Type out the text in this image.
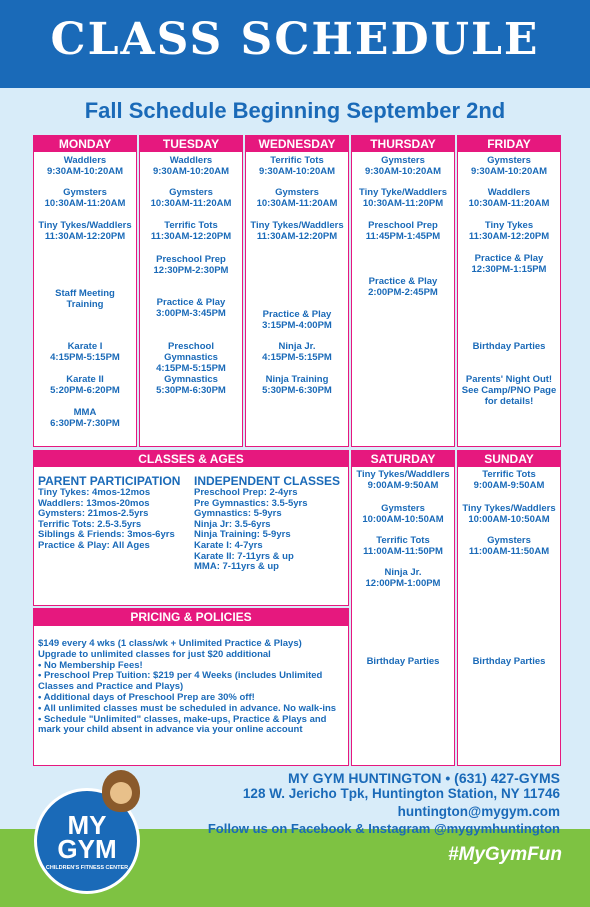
CLASS SCHEDULE
Fall Schedule Beginning September 2nd
MONDAY
Waddlers
9:30AM-10:20AM
Gymsters
10:30AM-11:20AM
Tiny Tykes/Waddlers
11:30AM-12:20PM
Staff Meeting
Training
Karate I
4:15PM-5:15PM
Karate II
5:20PM-6:20PM
MMA
6:30PM-7:30PM
TUESDAY
Waddlers
9:30AM-10:20AM
Gymsters
10:30AM-11:20AM
Terrific Tots
11:30AM-12:20PM
Preschool Prep
12:30PM-2:30PM
Practice & Play
3:00PM-3:45PM
Preschool Gymnastics
4:15PM-5:15PM
Gymnastics
5:30PM-6:30PM
WEDNESDAY
Terrific Tots
9:30AM-10:20AM
Gymsters
10:30AM-11:20AM
Tiny Tykes/Waddlers
11:30AM-12:20PM
Practice & Play
3:15PM-4:00PM
Ninja Jr.
4:15PM-5:15PM
Ninja Training
5:30PM-6:30PM
THURSDAY
Gymsters
9:30AM-10:20AM
Tiny Tyke/Waddlers
10:30AM-11:20PM
Preschool Prep
11:45PM-1:45PM
Practice & Play
2:00PM-2:45PM
FRIDAY
Gymsters
9:30AM-10:20AM
Waddlers
10:30AM-11:20AM
Tiny Tykes
11:30AM-12:20PM
Practice & Play
12:30PM-1:15PM
Birthday Parties
Parents' Night Out!
See Camp/PNO Page
for details!
SATURDAY
Tiny Tykes/Waddlers
9:00AM-9:50AM
Gymsters
10:00AM-10:50AM
Terrific Tots
11:00AM-11:50PM
Ninja Jr.
12:00PM-1:00PM
Birthday Parties
SUNDAY
Terrific Tots
9:00AM-9:50AM
Tiny Tykes/Waddlers
10:00AM-10:50AM
Gymsters
11:00AM-11:50AM
Birthday Parties
CLASSES & AGES
PARENT PARTICIPATION
Tiny Tykes: 4mos-12mos
Waddlers: 13mos-20mos
Gymsters: 21mos-2.5yrs
Terrific Tots: 2.5-3.5yrs
Siblings & Friends: 3mos-6yrs
Practice & Play: All Ages
INDEPENDENT CLASSES
Preschool Prep: 2-4yrs
Pre Gymnastics: 3.5-5yrs
Gymnastics: 5-9yrs
Ninja Jr: 3.5-6yrs
Ninja Training: 5-9yrs
Karate I: 4-7yrs
Karate II: 7-11yrs & up
MMA: 7-11yrs & up
PRICING & POLICIES
$149 every 4 wks (1 class/wk + Unlimited Practice & Plays)
Upgrade to unlimited classes for just $20 additional
• No Membership Fees!
• Preschool Prep Tuition: $219 per 4 Weeks (includes Unlimited
Classes and Practice and Plays)
• Additional days of Preschool Prep are 30% off!
• All unlimited classes must be scheduled in advance. No walk-ins
• Schedule "Unlimited" classes, make-ups, Practice & Plays and
mark your child absent in advance via your online account
MY GYM HUNTINGTON • (631) 427-GYMS
128 W. Jericho Tpk, Huntington Station, NY 11746
huntington@mygym.com
Follow us on Facebook & Instagram @mygymhuntington
#MyGymFun
MY
GYM
CHILDREN'S FITNESS CENTER
